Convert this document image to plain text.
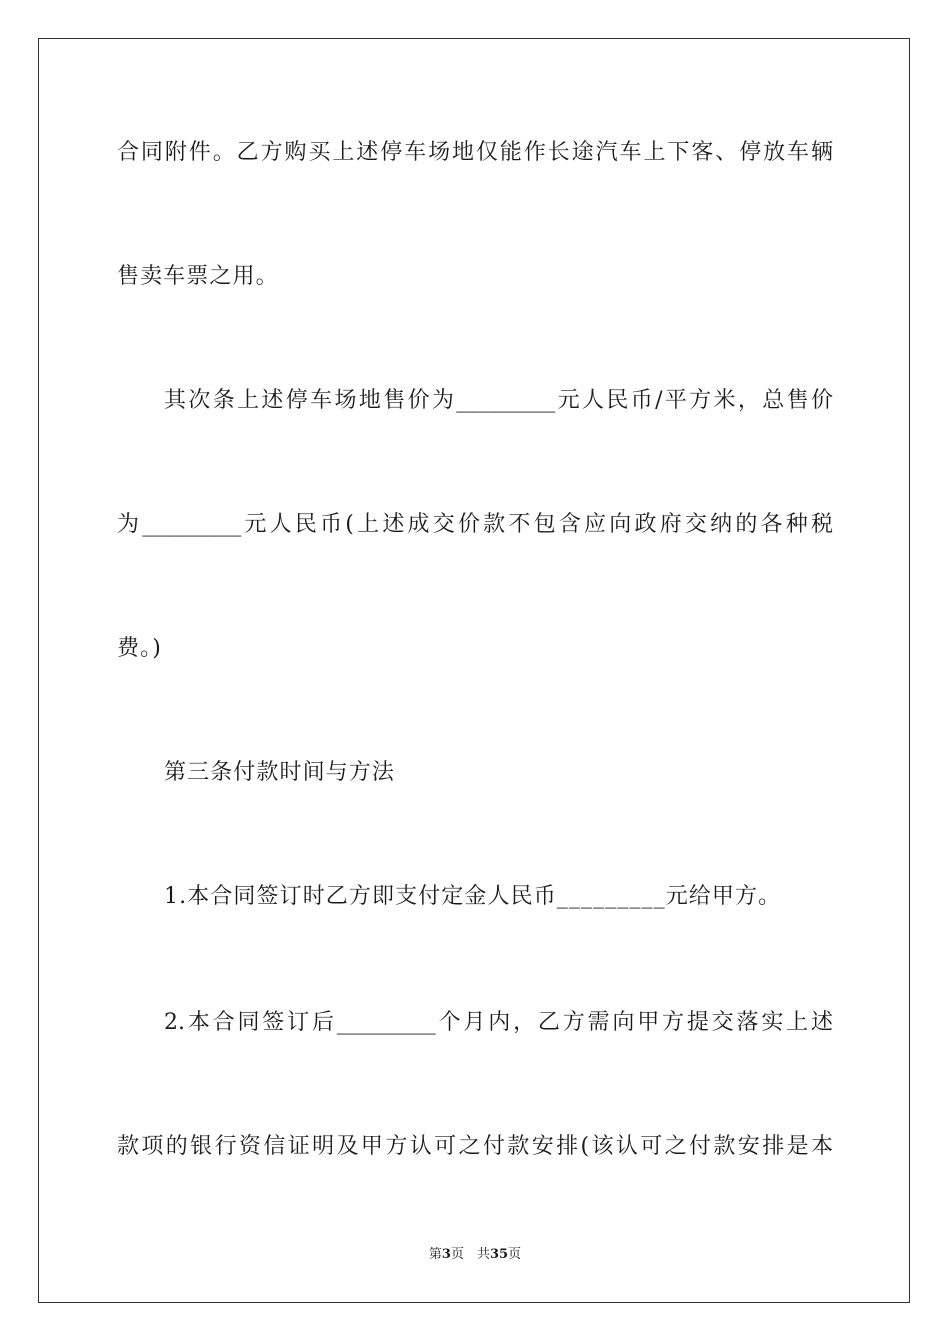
合同附件。乙方购买上述停车场地仅能作长途汽车上下客、停放车辆
售卖车票之用。
其次条上述停车场地售价为_________元人民币/平方米，总售价
为_________元人民币(上述成交价款不包含应向政府交纳的各种税
费。)
第三条付款时间与方法
1.本合同签订时乙方即支付定金人民币_________元给甲方。
2.本合同签订后_________个月内，乙方需向甲方提交落实上述
款项的银行资信证明及甲方认可之付款安排(该认可之付款安排是本
第3页　共35页
